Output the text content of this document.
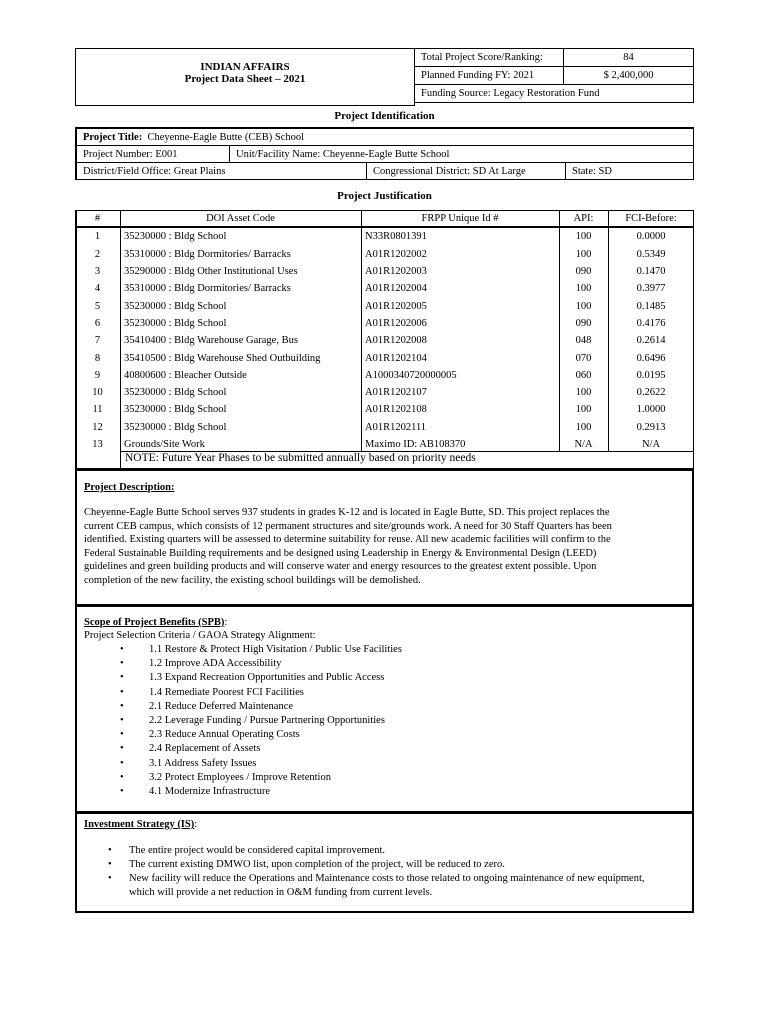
INDIAN AFFAIRS
Project Data Sheet – 2021
Total Project Score/Ranking:	84
Planned Funding FY: 2021	$ 2,400,000
Funding Source: Legacy Restoration Fund	
Project Identification
Project Title: Cheyenne-Eagle Butte (CEB) School			
Project Number: E001	Unit/Facility Name: Cheyenne-Eagle Butte School		
District/Field Office: Great Plains		Congressional District: SD At Large	State: SD
Project Justification
#	DOI Asset Code	FRPP Unique Id #	API:	FCI-Before:
1	35230000 : Bldg School	N33R0801391	100	0.0000
2	35310000 : Bldg Dormitories/ Barracks	A01R1202002	100	0.5349
3	35290000 : Bldg Other Institutional Uses	A01R1202003	090	0.1470
4	35310000 : Bldg Dormitories/ Barracks	A01R1202004	100	0.3977
5	35230000 : Bldg School	A01R1202005	100	0.1485
6	35230000 : Bldg School	A01R1202006	090	0.4176
7	35410400 : Bldg Warehouse Garage, Bus	A01R1202008	048	0.2614
8	35410500 : Bldg Warehouse Shed Outbuilding	A01R1202104	070	0.6496
9	40800600 : Bleacher Outside	A1000340720000005	060	0.0195
10	35230000 : Bldg School	A01R1202107	100	0.2622
11	35230000 : Bldg School	A01R1202108	100	1.0000
12	35230000 : Bldg School	A01R1202111	100	0.2913
13	Grounds/Site Work	Maximo ID: AB108370	N/A	N/A
NOTE: Future Year Phases to be submitted annually based on priority needs
Project Description:
Cheyenne-Eagle Butte School serves 937 students in grades K-12 and is located in Eagle Butte, SD. This project replaces the
current CEB campus, which consists of 12 permanent structures and site/grounds work. A need for 30 Staff Quarters has been
identified. Existing quarters will be assessed to determine suitability for reuse. All new academic facilities will confirm to the
Federal Sustainable Building requirements and be designed using Leadership in Energy & Environmental Design (LEED)
guidelines and green building products and will conserve water and energy resources to the greatest extent possible. Upon
completion of the new facility, the existing school buildings will be demolished.
Scope of Project Benefits (SPB):
Project Selection Criteria / GAOA Strategy Alignment:
• 1.1 Restore & Protect High Visitation / Public Use Facilities
• 1.2 Improve ADA Accessibility
• 1.3 Expand Recreation Opportunities and Public Access
• 1.4 Remediate Poorest FCI Facilities
• 2.1 Reduce Deferred Maintenance
• 2.2 Leverage Funding / Pursue Partnering Opportunities
• 2.3 Reduce Annual Operating Costs
• 2.4 Replacement of Assets
• 3.1 Address Safety Issues
• 3.2 Protect Employees / Improve Retention
• 4.1 Modernize Infrastructure
Investment Strategy (IS):
• The entire project would be considered capital improvement.
• The current existing DMWO list, upon completion of the project, will be reduced to zero.
• New facility will reduce the Operations and Maintenance costs to those related to ongoing maintenance of new equipment,
which will provide a net reduction in O&M funding from current levels.
